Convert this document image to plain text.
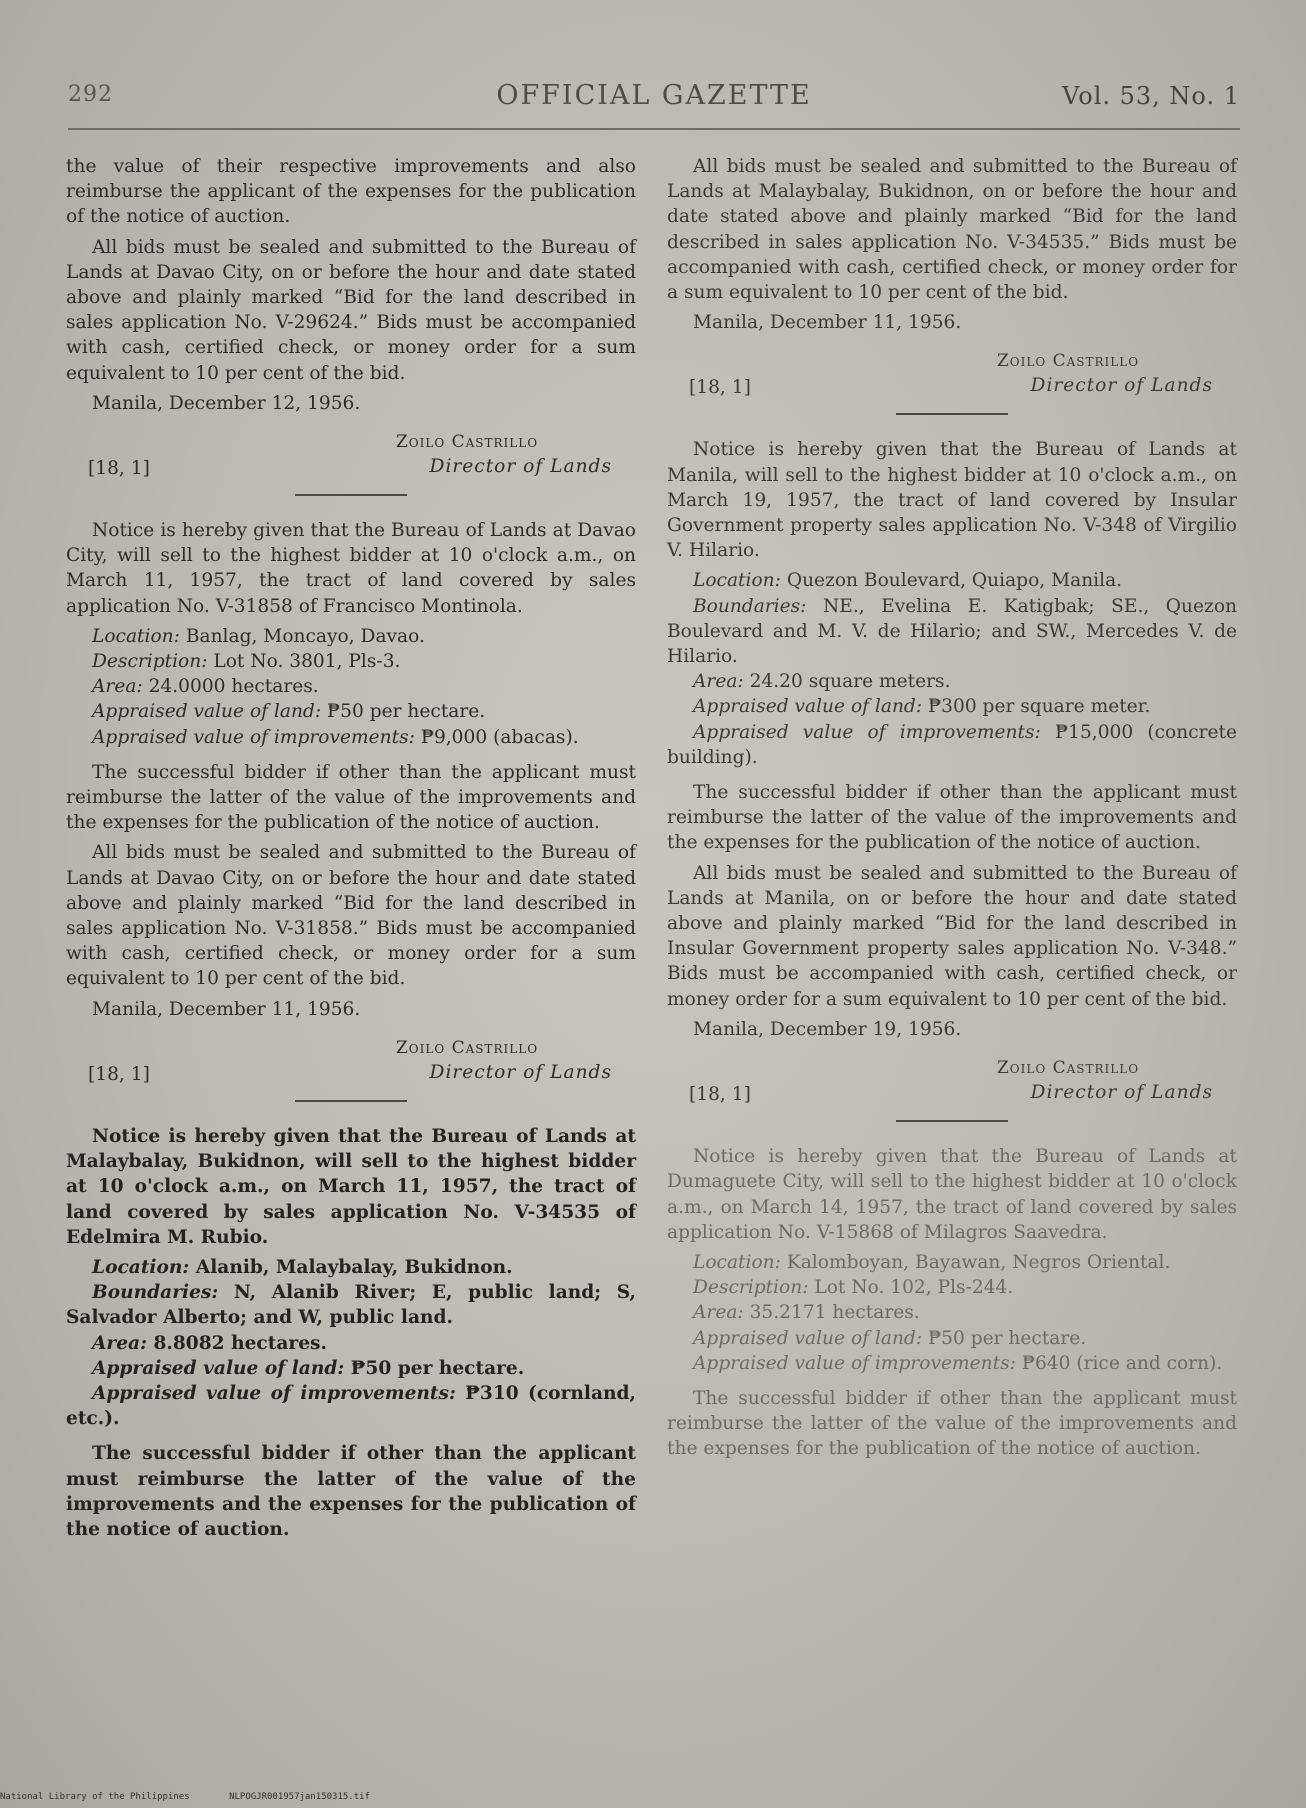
292	OFFICIAL GAZETTE	Vol. 53, No. 1

the value of their respective improvements and also reimburse the applicant of the expenses for the publication of the notice of auction.

All bids must be sealed and submitted to the Bureau of Lands at Davao City, on or before the hour and date stated above and plainly marked “Bid for the land described in sales application No. V-29624.” Bids must be accompanied with cash, certified check, or money order for a sum equivalent to 10 per cent of the bid.

Manila, December 12, 1956.

[18, 1]
Zoilo Castrillo
Director of Lands

Notice is hereby given that the Bureau of Lands at Davao City, will sell to the highest bidder at 10 o'clock a.m., on March 11, 1957, the tract of land covered by sales application No. V-31858 of Francisco Montinola.

Location: Banlag, Moncayo, Davao.

Description: Lot No. 3801, Pls-3.

Area: 24.0000 hectares.

Appraised value of land: ₱50 per hectare.

Appraised value of improvements: ₱9,000 (abacas).

The successful bidder if other than the applicant must reimburse the latter of the value of the improvements and the expenses for the publication of the notice of auction.

All bids must be sealed and submitted to the Bureau of Lands at Davao City, on or before the hour and date stated above and plainly marked “Bid for the land described in sales application No. V-31858.” Bids must be accompanied with cash, certified check, or money order for a sum equivalent to 10 per cent of the bid.

Manila, December 11, 1956.

[18, 1]
Zoilo Castrillo
Director of Lands

Notice is hereby given that the Bureau of Lands at Malaybalay, Bukidnon, will sell to the highest bidder at 10 o'clock a.m., on March 11, 1957, the tract of land covered by sales application No. V-34535 of Edelmira M. Rubio.

Location: Alanib, Malaybalay, Bukidnon.

Boundaries: N, Alanib River; E, public land; S, Salvador Alberto; and W, public land.

Area: 8.8082 hectares.

Appraised value of land: ₱50 per hectare.

Appraised value of improvements: ₱310 (cornland, etc.).

The successful bidder if other than the applicant must reimburse the latter of the value of the improvements and the expenses for the publication of the notice of auction.

All bids must be sealed and submitted to the Bureau of Lands at Malaybalay, Bukidnon, on or before the hour and date stated above and plainly marked “Bid for the land described in sales application No. V-34535.” Bids must be accompanied with cash, certified check, or money order for a sum equivalent to 10 per cent of the bid.

Manila, December 11, 1956.

[18, 1]
Zoilo Castrillo
Director of Lands

Notice is hereby given that the Bureau of Lands at Manila, will sell to the highest bidder at 10 o'clock a.m., on March 19, 1957, the tract of land covered by Insular Government property sales application No. V-348 of Virgilio V. Hilario.

Location: Quezon Boulevard, Quiapo, Manila.

Boundaries: NE., Evelina E. Katigbak; SE., Quezon Boulevard and M. V. de Hilario; and SW., Mercedes V. de Hilario.

Area: 24.20 square meters.

Appraised value of land: ₱300 per square meter.

Appraised value of improvements: ₱15,000 (concrete building).

The successful bidder if other than the applicant must reimburse the latter of the value of the improvements and the expenses for the publication of the notice of auction.

All bids must be sealed and submitted to the Bureau of Lands at Manila, on or before the hour and date stated above and plainly marked “Bid for the land described in Insular Government property sales application No. V-348.” Bids must be accompanied with cash, certified check, or money order for a sum equivalent to 10 per cent of the bid.

Manila, December 19, 1956.

[18, 1]
Zoilo Castrillo
Director of Lands

Notice is hereby given that the Bureau of Lands at Dumaguete City, will sell to the highest bidder at 10 o'clock a.m., on March 14, 1957, the tract of land covered by sales application No. V-15868 of Milagros Saavedra.

Location: Kalomboyan, Bayawan, Negros Oriental.

Description: Lot No. 102, Pls-244.

Area: 35.2171 hectares.

Appraised value of land: ₱50 per hectare.

Appraised value of improvements: ₱640 (rice and corn).

The successful bidder if other than the applicant must reimburse the latter of the value of the improvements and the expenses for the publication of the notice of auction.

National Library of the Philippines	NLPOGJR001957jan150315.tif
